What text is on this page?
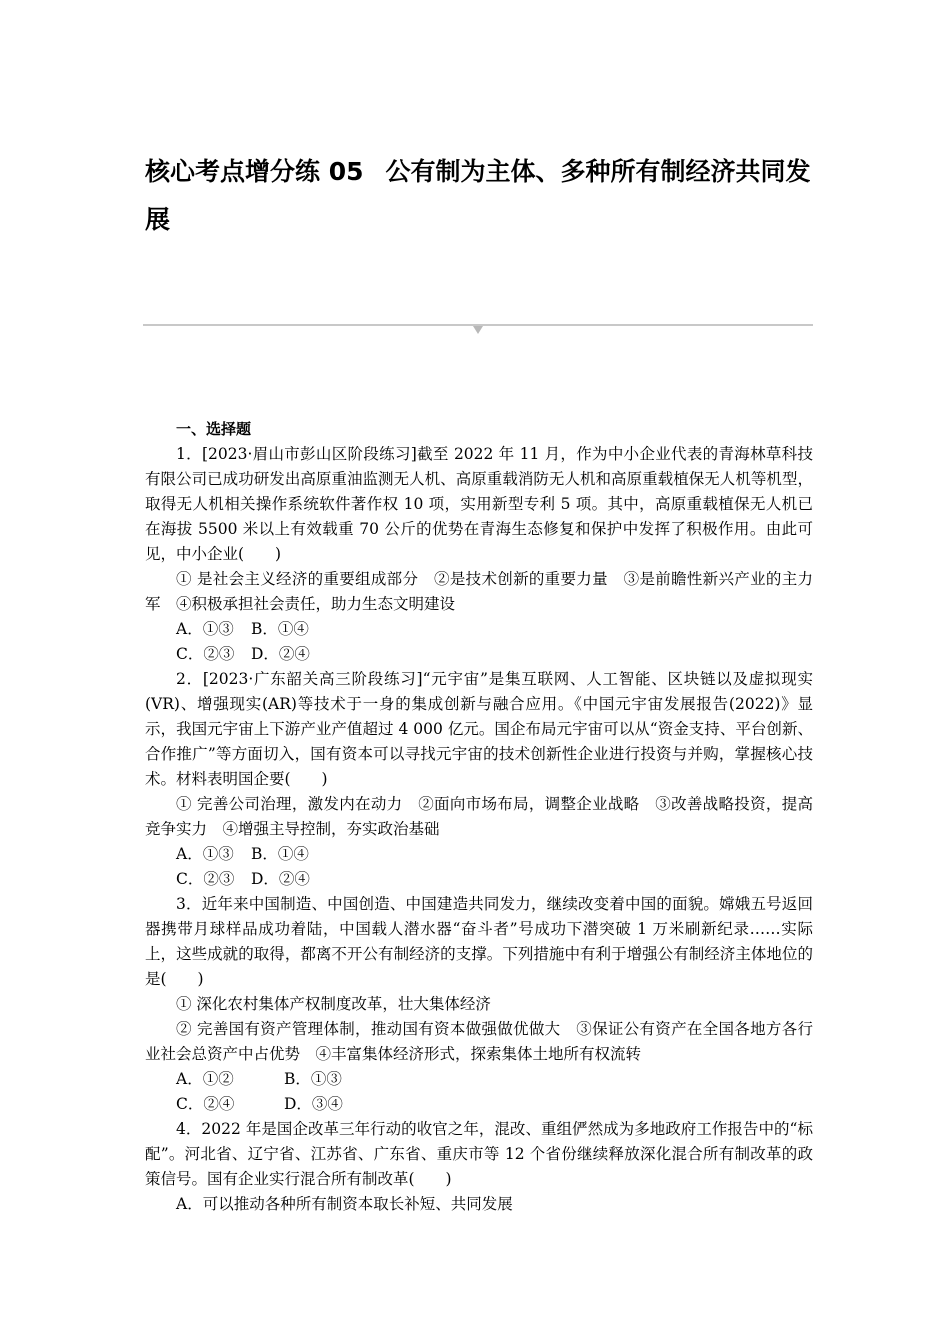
核心考点增分练 05 公有制为主体、多种所有制经济共同发展

一、选择题

1．[2023·眉山市彭山区阶段练习]截至 2022 年 11 月，作为中小企业代表的青海林草科技有限公司已成功研发出高原重油监测无人机、高原重载消防无人机和高原重载植保无人机等机型，取得无人机相关操作系统软件著作权 10 项，实用新型专利 5 项。其中，高原重载植保无人机已在海拔 5500 米以上有效载重 70 公斤的优势在青海生态修复和保护中发挥了积极作用。由此可见，中小企业(　　)

① 是社会主义经济的重要组成部分　②是技术创新的重要力量　③是前瞻性新兴产业的主力军　④积极承担社会责任，助力生态文明建设

A．①③ B．①④

C．②③ D．②④

2．[2023·广东韶关高三阶段练习]“元宇宙”是集互联网、人工智能、区块链以及虚拟现实(VR)、增强现实(AR)等技术于一身的集成创新与融合应用。《中国元宇宙发展报告(2022)》显示，我国元宇宙上下游产业产值超过 4 000 亿元。国企布局元宇宙可以从“资金支持、平台创新、合作推广”等方面切入，国有资本可以寻找元宇宙的技术创新性企业进行投资与并购，掌握核心技术。材料表明国企要(　　)

① 完善公司治理，激发内在动力　②面向市场布局，调整企业战略　③改善战略投资，提高竞争实力　④增强主导控制，夯实政治基础

A．①③ B．①④

C．②③ D．②④

3．近年来中国制造、中国创造、中国建造共同发力，继续改变着中国的面貌。嫦娥五号返回器携带月球样品成功着陆，中国载人潜水器“奋斗者”号成功下潜突破 1 万米刷新纪录……实际上，这些成就的取得，都离不开公有制经济的支撑。下列措施中有利于增强公有制经济主体地位的是(　　)

① 深化农村集体产权制度改革，壮大集体经济

② 完善国有资产管理体制，推动国有资本做强做优做大　③保证公有资产在全国各地方各行业社会总资产中占优势　④丰富集体经济形式，探索集体土地所有权流转

A．①②	B．①③

C．②④	D．③④

4．2022 年是国企改革三年行动的收官之年，混改、重组俨然成为多地政府工作报告中的“标配”。河北省、辽宁省、江苏省、广东省、重庆市等 12 个省份继续释放深化混合所有制改革的政策信号。国有企业实行混合所有制改革(　　)

A．可以推动各种所有制资本取长补短、共同发展
